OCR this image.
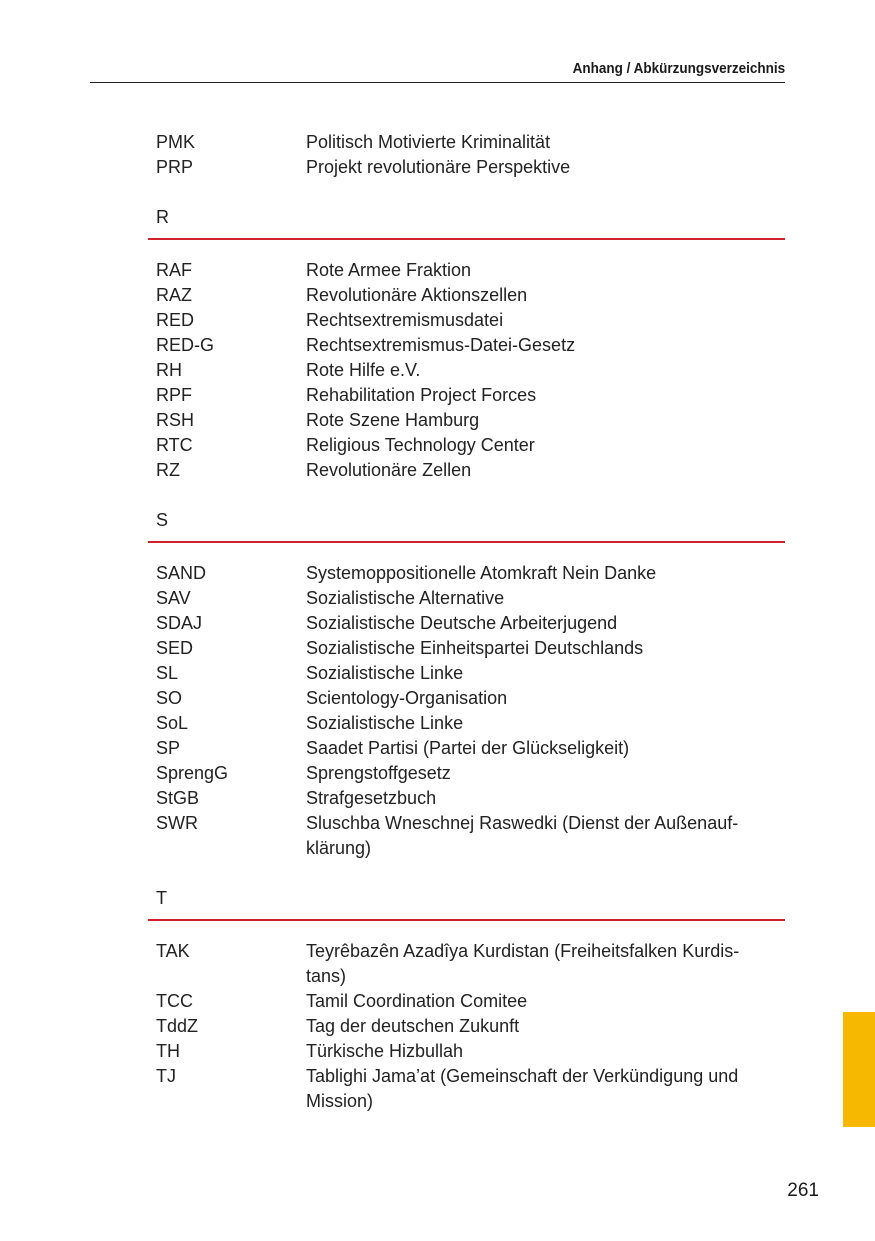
Anhang / Abkürzungsverzeichnis
PMK	Politisch Motivierte Kriminalität
PRP	Projekt revolutionäre Perspektive
R
RAF	Rote Armee Fraktion
RAZ	Revolutionäre Aktionszellen
RED	Rechtsextremismusdatei
RED-G	Rechtsextremismus-Datei-Gesetz
RH	Rote Hilfe e.V.
RPF	Rehabilitation Project Forces
RSH	Rote Szene Hamburg
RTC	Religious Technology Center
RZ	Revolutionäre Zellen
S
SAND	Systemoppositionelle Atomkraft Nein Danke
SAV	Sozialistische Alternative
SDAJ	Sozialistische Deutsche Arbeiterjugend
SED	Sozialistische Einheitspartei Deutschlands
SL	Sozialistische Linke
SO	Scientology-Organisation
SoL	Sozialistische Linke
SP	Saadet Partisi (Partei der Glückseligkeit)
SprengG	Sprengstoffgesetz
StGB	Strafgesetzbuch
SWR	Sluschba Wneschnej Raswedki (Dienst der Außenauf-
klärung)
T
TAK	Teyrêbazên Azadîya Kurdistan (Freiheitsfalken Kurdis-
tans)
TCC	Tamil Coordination Comitee
TddZ	Tag der deutschen Zukunft
TH	Türkische Hizbullah
TJ	Tablighi Jama’at (Gemeinschaft der Verkündigung und
Mission)
261
